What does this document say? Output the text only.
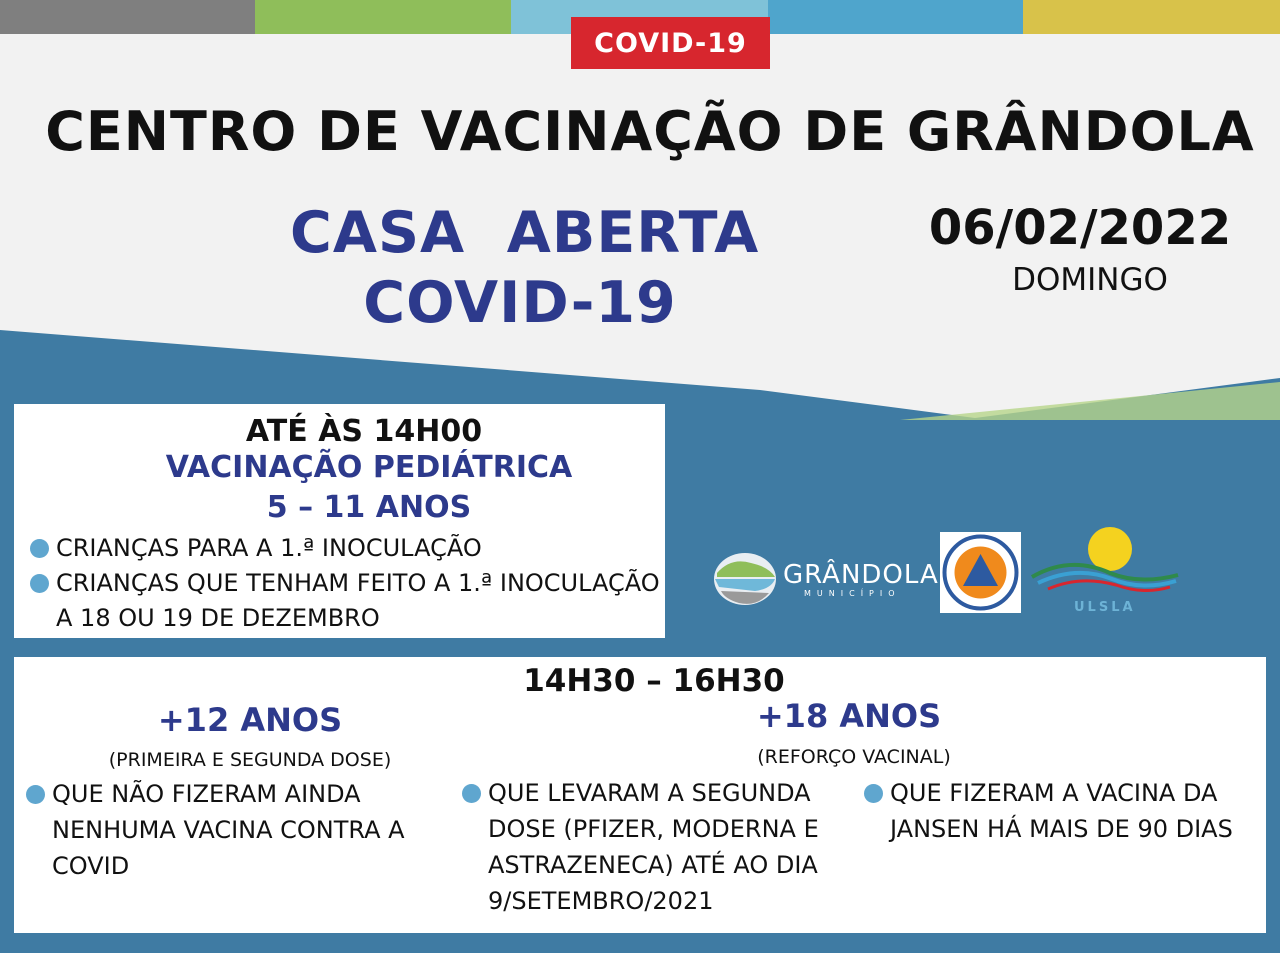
COVID-19
CENTRO DE VACINAÇÃO DE GRÂNDOLA
CASA  ABERTA
COVID-19
06/02/2022
DOMINGO
ATÉ ÀS 14H00
VACINAÇÃO PEDIÁTRICA
5 – 11 ANOS
CRIANÇAS PARA A 1.ª INOCULAÇÃO
CRIANÇAS QUE TENHAM FEITO A 1.ª INOCULAÇÃO
A 18 OU 19 DE DEZEMBRO
GRÂNDOLA
MUNICÍPIO
ULSLA
14H30 – 16H30
+12 ANOS
(PRIMEIRA E SEGUNDA DOSE)
QUE NÃO FIZERAM AINDA
NENHUMA VACINA CONTRA A
COVID
+18 ANOS
(REFORÇO VACINAL)
QUE LEVARAM A SEGUNDA
DOSE (PFIZER, MODERNA E
ASTRAZENECA) ATÉ AO DIA
9/SETEMBRO/2021
QUE FIZERAM A VACINA DA
JANSEN HÁ MAIS DE 90 DIAS
